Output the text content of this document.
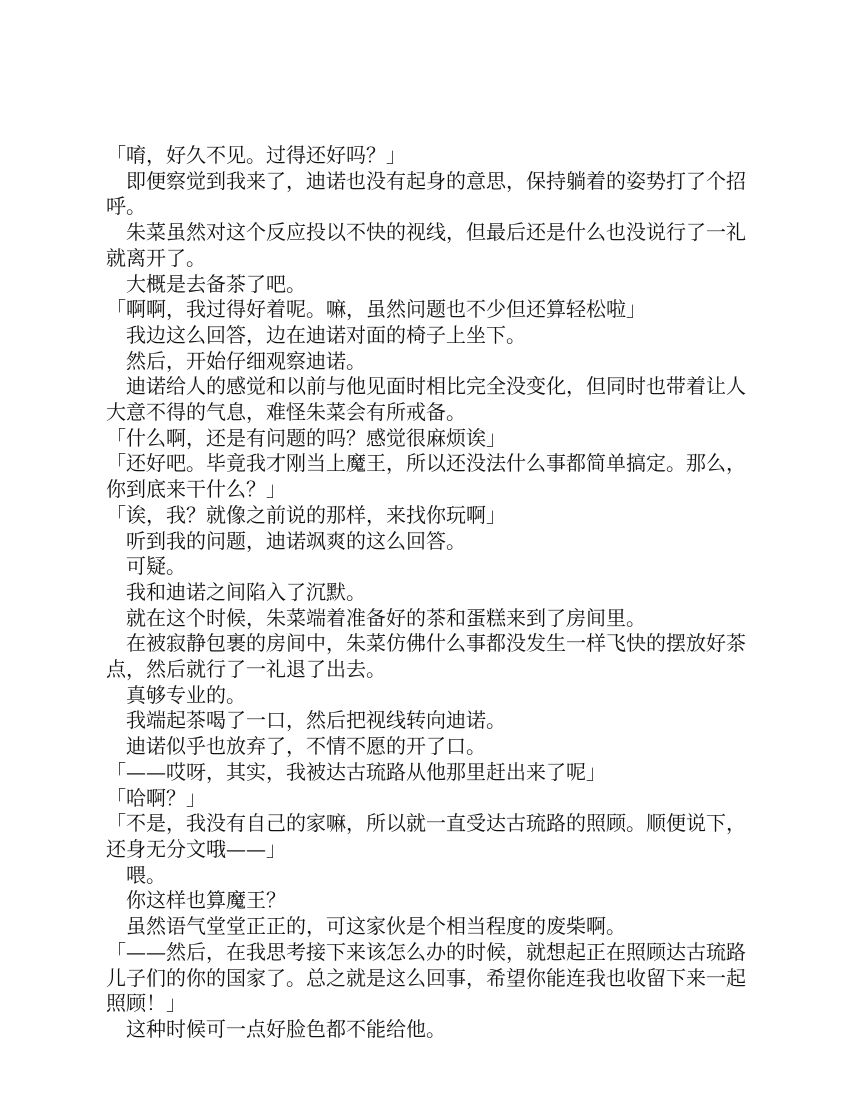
「唷，好久不见。过得还好吗？」

即便察觉到我来了，迪诺也没有起身的意思，保持躺着的姿势打了个招呼。

朱菜虽然对这个反应投以不快的视线，但最后还是什么也没说行了一礼就离开了。

大概是去备茶了吧。

「啊啊，我过得好着呢。嘛，虽然问题也不少但还算轻松啦」

我边这么回答，边在迪诺对面的椅子上坐下。

然后，开始仔细观察迪诺。

迪诺给人的感觉和以前与他见面时相比完全没变化，但同时也带着让人大意不得的气息，难怪朱菜会有所戒备。

「什么啊，还是有问题的吗？感觉很麻烦诶」

「还好吧。毕竟我才刚当上魔王，所以还没法什么事都简单搞定。那么，你到底来干什么？」

「诶，我？就像之前说的那样，来找你玩啊」

听到我的问题，迪诺飒爽的这么回答。

可疑。

我和迪诺之间陷入了沉默。

就在这个时候，朱菜端着准备好的茶和蛋糕来到了房间里。

在被寂静包裹的房间中，朱菜仿佛什么事都没发生一样飞快的摆放好茶点，然后就行了一礼退了出去。

真够专业的。

我端起茶喝了一口，然后把视线转向迪诺。

迪诺似乎也放弃了，不情不愿的开了口。

「——哎呀，其实，我被达古琉路从他那里赶出来了呢」

「哈啊？」

「不是，我没有自己的家嘛，所以就一直受达古琉路的照顾。顺便说下，还身无分文哦——」

喂。

你这样也算魔王？

虽然语气堂堂正正的，可这家伙是个相当程度的废柴啊。

「——然后，在我思考接下来该怎么办的时候，就想起正在照顾达古琉路儿子们的你的国家了。总之就是这么回事，希望你能连我也收留下来一起照顾！」

这种时候可一点好脸色都不能给他。
